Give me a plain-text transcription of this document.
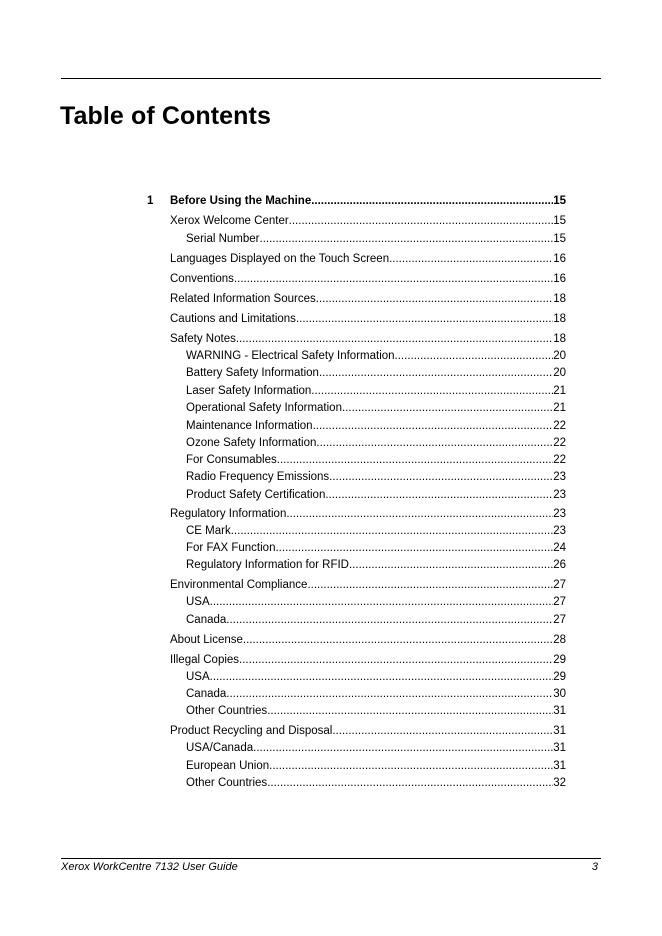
Table of Contents
1	Before Using the Machine .....	15
Xerox Welcome Center .....	15
Serial Number .....	15
Languages Displayed on the Touch Screen .....	16
Conventions .....	16
Related Information Sources .....	18
Cautions and Limitations .....	18
Safety Notes .....	18
WARNING - Electrical Safety Information .....	20
Battery Safety Information .....	20
Laser Safety Information .....	21
Operational Safety Information .....	21
Maintenance Information .....	22
Ozone Safety Information .....	22
For Consumables .....	22
Radio Frequency Emissions .....	23
Product Safety Certification .....	23
Regulatory Information .....	23
CE Mark .....	23
For FAX Function .....	24
Regulatory Information for RFID .....	26
Environmental Compliance .....	27
USA .....	27
Canada .....	27
About License .....	28
Illegal Copies .....	29
USA .....	29
Canada .....	30
Other Countries .....	31
Product Recycling and Disposal .....	31
USA/Canada .....	31
European Union .....	31
Other Countries .....	32
Xerox WorkCentre 7132 User Guide	3
